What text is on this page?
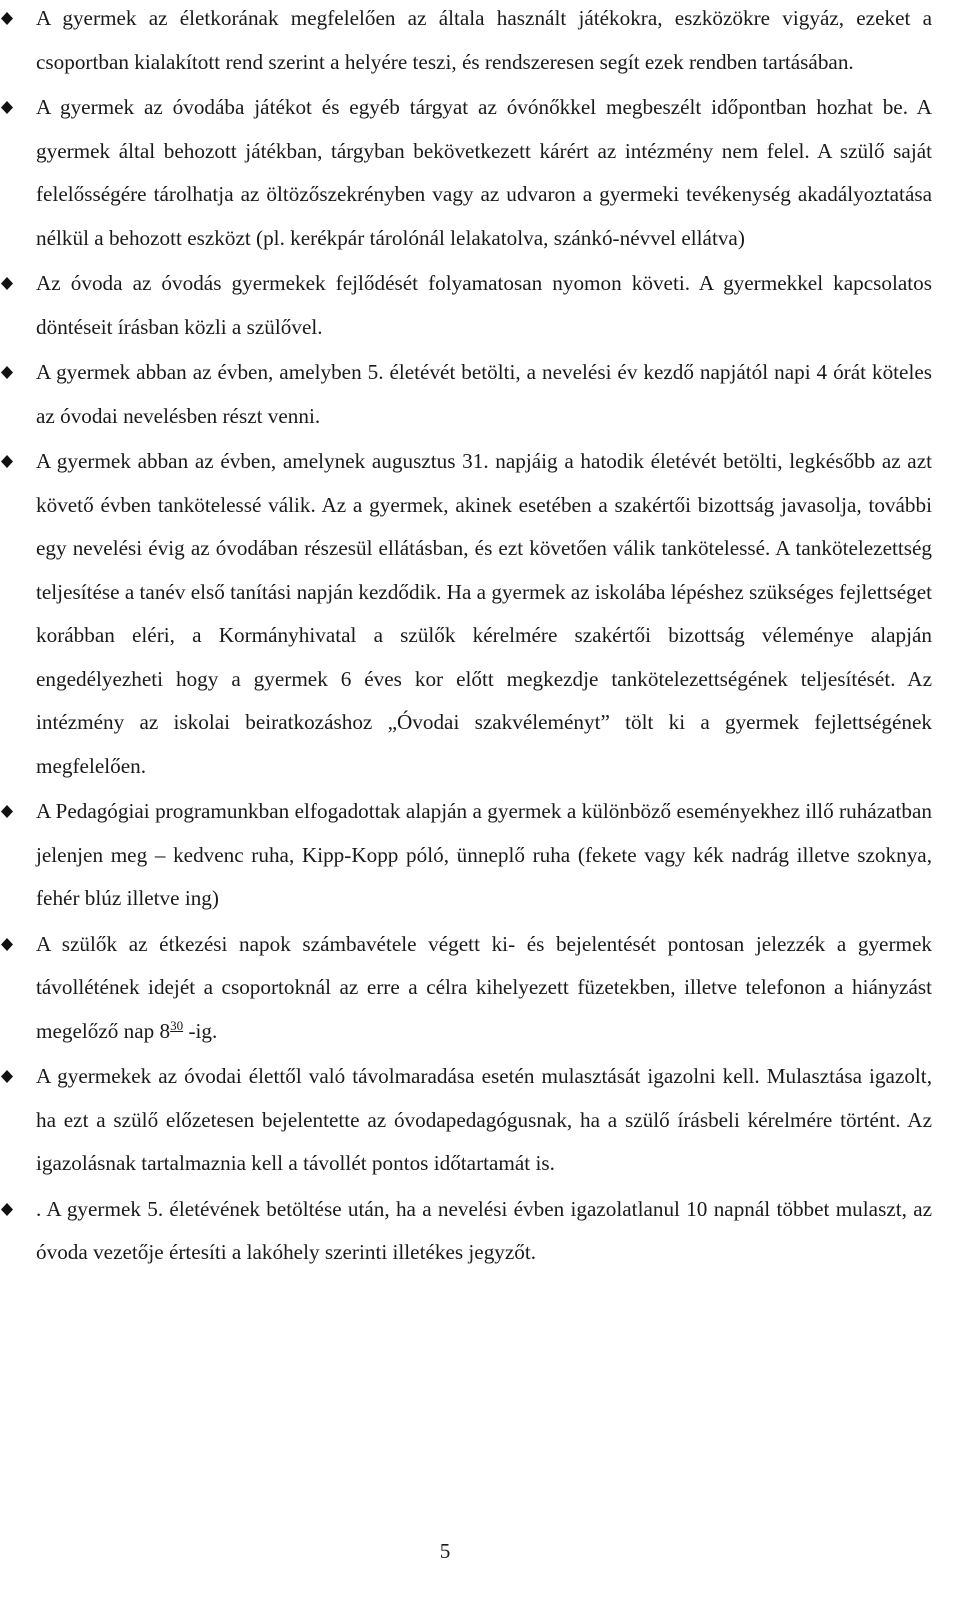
A gyermek az életkorának megfelelően az általa használt játékokra, eszközökre vigyáz, ezeket a csoportban kialakított rend szerint a helyére teszi, és rendszeresen segít ezek rendben tartásában.
A gyermek az óvodába játékot és egyéb tárgyat az óvónőkkel megbeszélt időpontban hozhat be. A gyermek által behozott játékban, tárgyban bekövetkezett kárért az intézmény nem felel. A szülő saját felelősségére tárolhatja az öltözőszekrényben vagy az udvaron a gyermeki tevékenység akadályoztatása nélkül a behozott eszközt (pl. kerékpár tárolónál lelakatolva, szánkó-névvel ellátva)
Az óvoda az óvodás gyermekek fejlődését folyamatosan nyomon követi. A gyermekkel kapcsolatos döntéseit írásban közli a szülővel.
A gyermek abban az évben, amelyben 5. életévét betölti, a nevelési év kezdő napjától napi 4 órát köteles az óvodai nevelésben részt venni.
A gyermek abban az évben, amelynek augusztus 31. napjáig a hatodik életévét betölti, legkésőbb az azt követő évben tankötelessé válik. Az a gyermek, akinek esetében a szakértői bizottság javasolja, további egy nevelési évig az óvodában részesül ellátásban, és ezt követően válik tankötelessé. A tankötelezettség teljesítése a tanév első tanítási napján kezdődik. Ha a gyermek az iskolába lépéshez szükséges fejlettséget korábban eléri, a Kormányhivatal a szülők kérelmére szakértői bizottság véleménye alapján engedélyezheti hogy a gyermek 6 éves kor előtt megkezdje tankötelezettségének teljesítését. Az intézmény az iskolai beiratkozáshoz „Óvodai szakvéleményt” tölt ki a gyermek fejlettségének megfelelően.
A Pedagógiai programunkban elfogadottak alapján a gyermek a különböző eseményekhez illő ruházatban jelenjen meg – kedvenc ruha, Kipp-Kopp póló, ünneplő ruha (fekete vagy kék nadrág illetve szoknya, fehér blúz illetve ing)
A szülők az étkezési napok számbavétele végett ki- és bejelentését pontosan jelezzék a gyermek távollétének idejét a csoportoknál az erre a célra kihelyezett füzetekben, illetve telefonon a hiányzást megelőző nap $8^{30}$ -ig.
A gyermekek az óvodai élettől való távolmaradása esetén mulasztását igazolni kell. Mulasztása igazolt, ha ezt a szülő előzetesen bejelentette az óvodapedagógusnak, ha a szülő írásbeli kérelmére történt. Az igazolásnak tartalmaznia kell a távollét pontos időtartamát is.
. A gyermek 5. életévének betöltése után, ha a nevelési évben igazolatlanul 10 napnál többet mulaszt, az óvoda vezetője értesíti a lakóhely szerinti illetékes jegyzőt.
5
